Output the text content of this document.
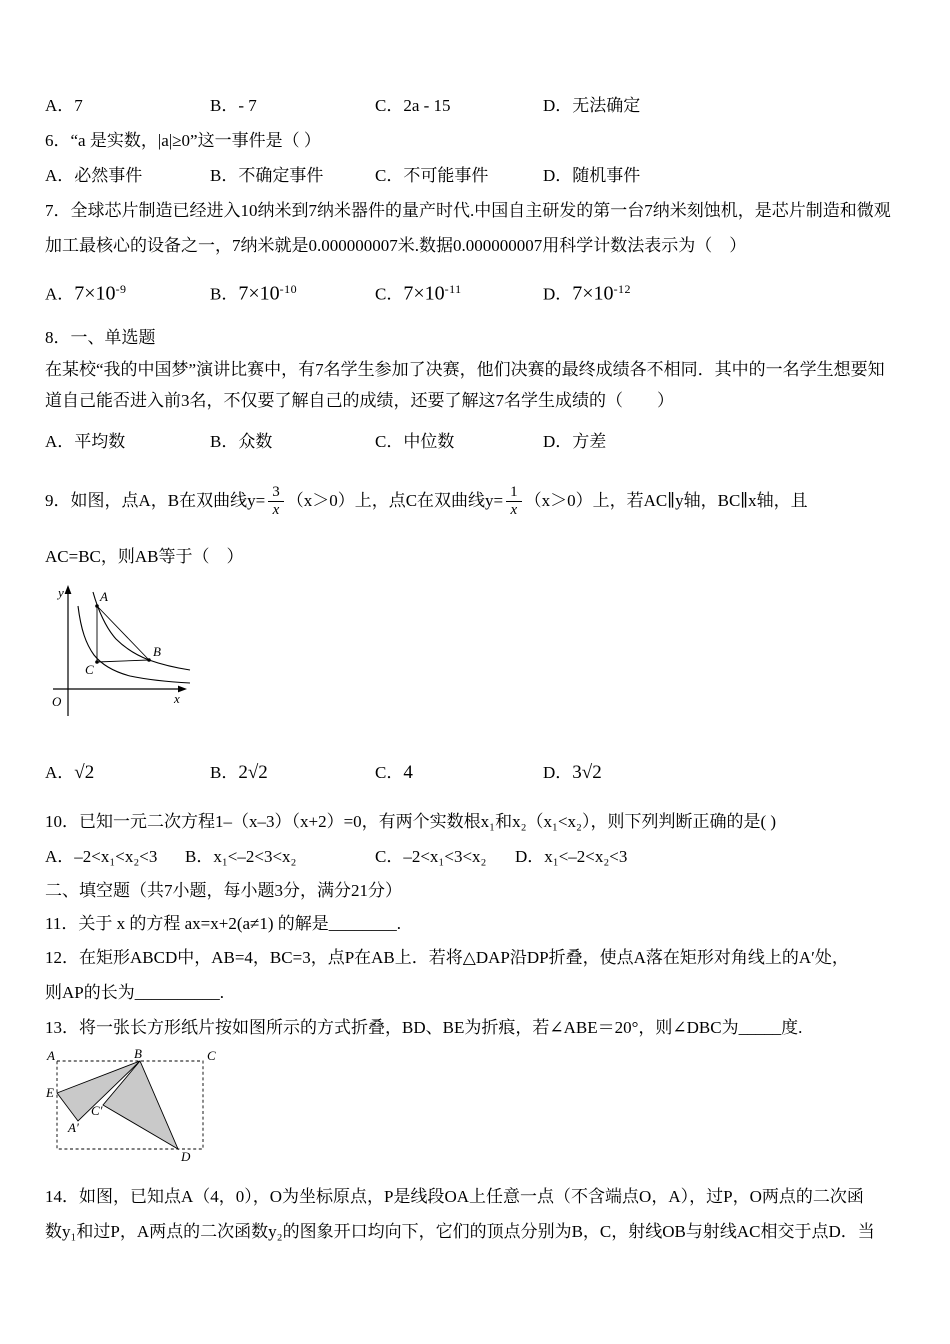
A．7	B．- 7	C．2a - 15	D．无法确定
6．“a 是实数，|a|≥0”这一事件是（ ）
A．必然事件	B．不确定事件	C．不可能事件	D．随机事件
7．全球芯片制造已经进入10纳米到7纳米器件的量产时代.中国自主研发的第一台7纳米刻蚀机，是芯片制造和微观
加工最核心的设备之一，7纳米就是0.000000007米.数据0.000000007用科学计数法表示为（　）
A．$7\times 10^{-9}$	B．$7\times 10^{-10}$	C．$7\times 10^{-11}$	D．$7\times 10^{-12}$
8．一、单选题
在某校“我的中国梦”演讲比赛中，有7名学生参加了决赛，他们决赛的最终成绩各不相同．其中的一名学生想要知
道自己能否进入前3名，不仅要了解自己的成绩，还要了解这7名学生成绩的（　　）
A．平均数	B．众数	C．中位数	D．方差
9．如图，点A，B在双曲线$y= \frac{3}{x} (x>0)$上，点C在双曲线$y= \frac{1}{x} (x>0)$上，若AC∥y轴，BC∥x轴，且
AC=BC，则AB等于（　）
y
x
O
A
B
C
A．√2	B．2√2	C．4	D．3√2
10．已知一元二次方程1–（x–3）（x+2）=0，有两个实数根x₁和x₂（x₁<x₂），则下列判断正确的是( )
A．–2<x₁<x₂<3	B．x₁<–2<3<x₂	C．–2<x₁<3<x₂	D．x₁<–2<x₂<3
二、填空题（共7小题，每小题3分，满分21分）
11．关于 x 的方程 ax=x+2(a≠1) 的解是________.
12．在矩形ABCD中，AB=4，BC=3，点P在AB上．若将△DAP沿DP折叠，使点A落在矩形对角线上的A′处，
则AP的长为__________.
13．将一张长方形纸片按如图所示的方式折叠，BD、BE为折痕，若∠ABE＝20°，则∠DBC为_____度.
A	B	C
E
A′
C′
D
14．如图，已知点A（4，0），O为坐标原点，P是线段OA上任意一点（不含端点O，A），过P，O两点的二次函
数y₁和过P，A两点的二次函数y₂的图象开口均向下，它们的顶点分别为B，C，射线OB与射线AC相交于点D．当
